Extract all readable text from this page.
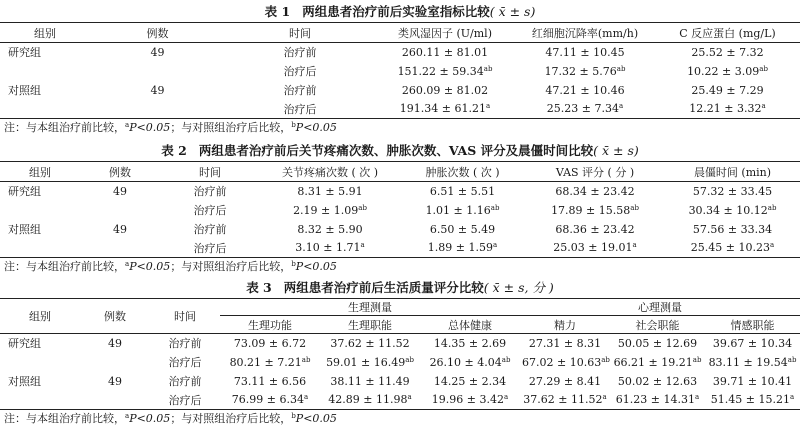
表 1 两组患者治疗前后实验室指标比较( x̄ ± s)
组别	例数	时间	类风湿因子 (U/ml)	红细胞沉降率(mm/h)	C 反应蛋白 (mg/L)
研究组	49	治疗前	260.11 ± 81.01	47.11 ± 10.45	25.52 ± 7.32
		治疗后	151.22 ± 59.34$^{ab}$	17.32 ± 5.76$^{ab}$	10.22 ± 3.09$^{ab}$
对照组	49	治疗前	260.09 ± 81.02	47.21 ± 10.46	25.49 ± 7.29
		治疗后	191.34 ± 61.21$^a$	25.23 ± 7.34$^a$	12.21 ± 3.32$^a$
注：与本组治疗前比较，$^a$P<0.05；与对照组治疗后比较，$^b$P<0.05
表 2 两组患者治疗前后关节疼痛次数、肿胀次数、VAS 评分及晨僵时间比较( x̄ ± s)
组别	例数	时间	关节疼痛次数 ( 次 )	肿胀次数 ( 次 )	VAS 评分 ( 分 )	晨僵时间 (min)
研究组	49	治疗前	8.31 ± 5.91	6.51 ± 5.51	68.34 ± 23.42	57.32 ± 33.45
		治疗后	2.19 ± 1.09$^{ab}$	1.01 ± 1.16$^{ab}$	17.89 ± 15.58$^{ab}$	30.34 ± 10.12$^{ab}$
对照组	49	治疗前	8.32 ± 5.90	6.50 ± 5.49	68.36 ± 23.42	57.56 ± 33.34
		治疗后	3.10 ± 1.71$^a$	1.89 ± 1.59$^a$	25.03 ± 19.01$^a$	25.45 ± 10.23$^a$
注：与本组治疗前比较，$^a$P<0.05；与对照组治疗后比较，$^b$P<0.05
表 3 两组患者治疗前后生活质量评分比较( x̄ ± s, 分 )
组别	例数	时间	生理测量			心理测量		
			生理功能	生理职能	总体健康	精力	社会职能	情感职能
研究组	49	治疗前	73.09 ± 6.72	37.62 ± 11.52	14.35 ± 2.69	27.31 ± 8.31	50.05 ± 12.69	39.67 ± 10.34
		治疗后	80.21 ± 7.21$^{ab}$	59.01 ± 16.49$^{ab}$	26.10 ± 4.04$^{ab}$	67.02 ± 10.63$^{ab}$	66.21 ± 19.21$^{ab}$	83.11 ± 19.54$^{ab}$
对照组	49	治疗前	73.11 ± 6.56	38.11 ± 11.49	14.25 ± 2.34	27.29 ± 8.41	50.02 ± 12.63	39.71 ± 10.41
		治疗后	76.99 ± 6.34$^a$	42.89 ± 11.98$^a$	19.96 ± 3.42$^a$	37.62 ± 11.52$^a$	61.23 ± 14.31$^a$	51.45 ± 15.21$^a$
注：与本组治疗前比较，$^a$P<0.05；与对照组治疗后比较，$^b$P<0.05
